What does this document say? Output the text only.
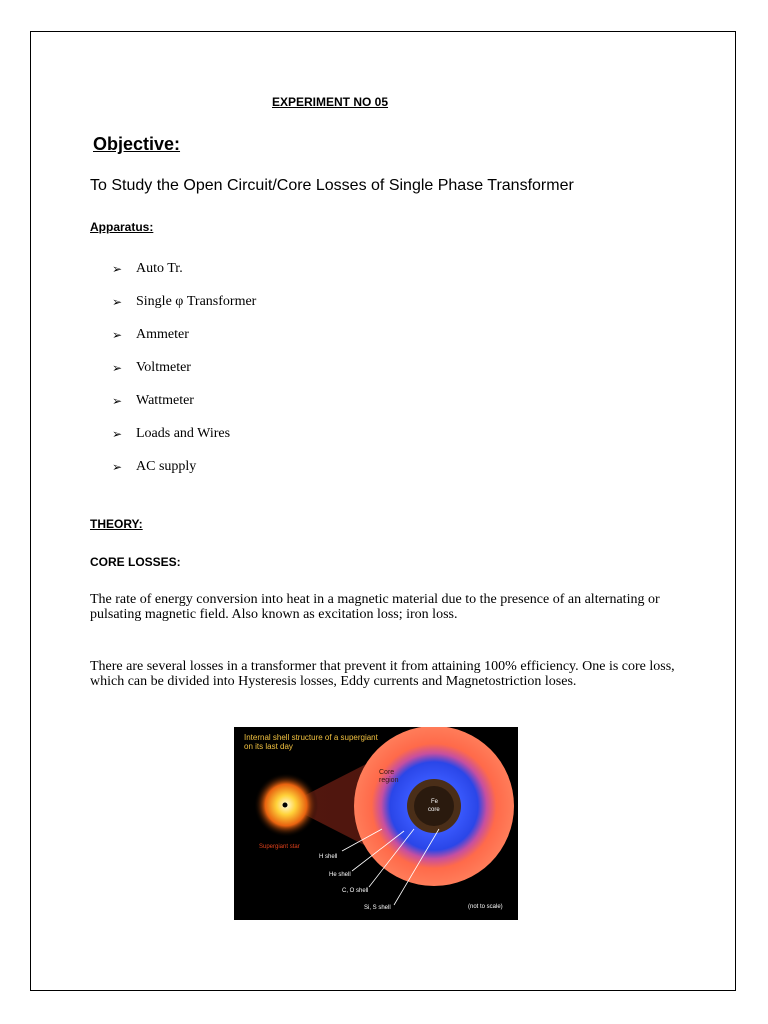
EXPERIMENT NO 05
Objective:
To Study the Open Circuit/Core Losses of Single Phase Transformer
Apparatus:
➢ Auto Tr.
➢ Single φ Transformer
➢ Ammeter
➢ Voltmeter
➢ Wattmeter
➢ Loads and Wires
➢ AC supply
THEORY:
CORE LOSSES:

The rate of energy conversion into heat in a magnetic material due to the presence of an alternating or pulsating magnetic field. Also known as excitation loss; iron loss.

There are several losses in a transformer that prevent it from attaining 100% efficiency. One is core loss, which can be divided into Hysteresis losses, Eddy currents and Magnetostriction loses.

Internal shell structure of a supergiant
on its last day
Core
region
Fe
core
Supergiant star
H shell
He shell
C, O shell
Si, S shell	(not to scale)
